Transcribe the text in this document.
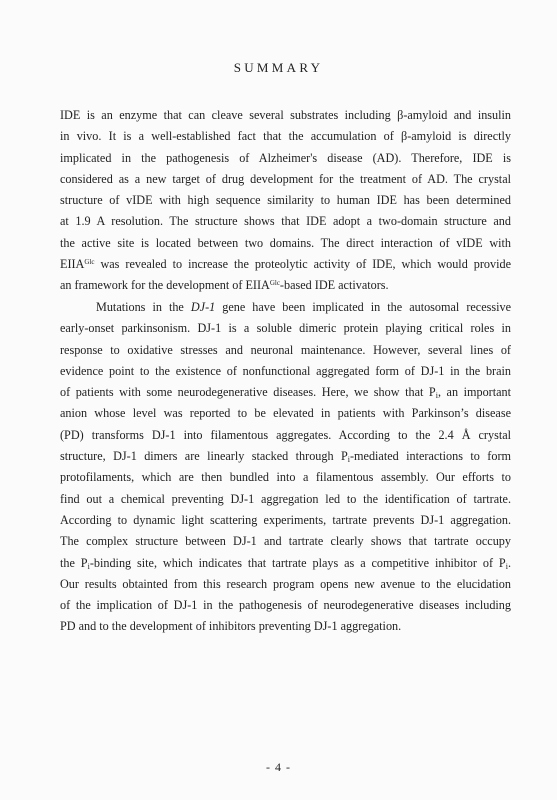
SUMMARY
IDE is an enzyme that can cleave several substrates including β-amyloid and insulin
in vivo. It is a well-established fact that the accumulation of β-amyloid is directly
implicated in the pathogenesis of Alzheimer's disease (AD). Therefore, IDE is
considered as a new target of drug development for the treatment of AD. The crystal
structure of vIDE with high sequence similarity to human IDE has been determined
at 1.9 A resolution. The structure shows that IDE adopt a two-domain structure and
the active site is located between two domains. The direct interaction of vIDE with
$EIIA^{Glc}$ was revealed to increase the proteolytic activity of IDE, which would provide
an framework for the development of $EIIA^{Glc}$-based IDE activators.
Mutations in the DJ-1 gene have been implicated in the autosomal recessive
early-onset parkinsonism. DJ-1 is a soluble dimeric protein playing critical roles in
response to oxidative stresses and neuronal maintenance. However, several lines of
evidence point to the existence of nonfunctional aggregated form of DJ-1 in the brain
of patients with some neurodegenerative diseases. Here, we show that $P_i$, an important
anion whose level was reported to be elevated in patients with Parkinson’s disease
(PD) transforms DJ-1 into filamentous aggregates. According to the 2.4 Å crystal
structure, DJ-1 dimers are linearly stacked through $P_i$-mediated interactions to form
protofilaments, which are then bundled into a filamentous assembly. Our efforts to
find out a chemical preventing DJ-1 aggregation led to the identification of tartrate.
According to dynamic light scattering experiments, tartrate prevents DJ-1 aggregation.
The complex structure between DJ-1 and tartrate clearly shows that tartrate occupy
the $P_i$-binding site, which indicates that tartrate plays as a competitive inhibitor of $P_i$.
Our results obtainted from this research program opens new avenue to the elucidation
of the implication of DJ-1 in the pathogenesis of neurodegenerative diseases including
PD and to the development of inhibitors preventing DJ-1 aggregation.
- 4 -
